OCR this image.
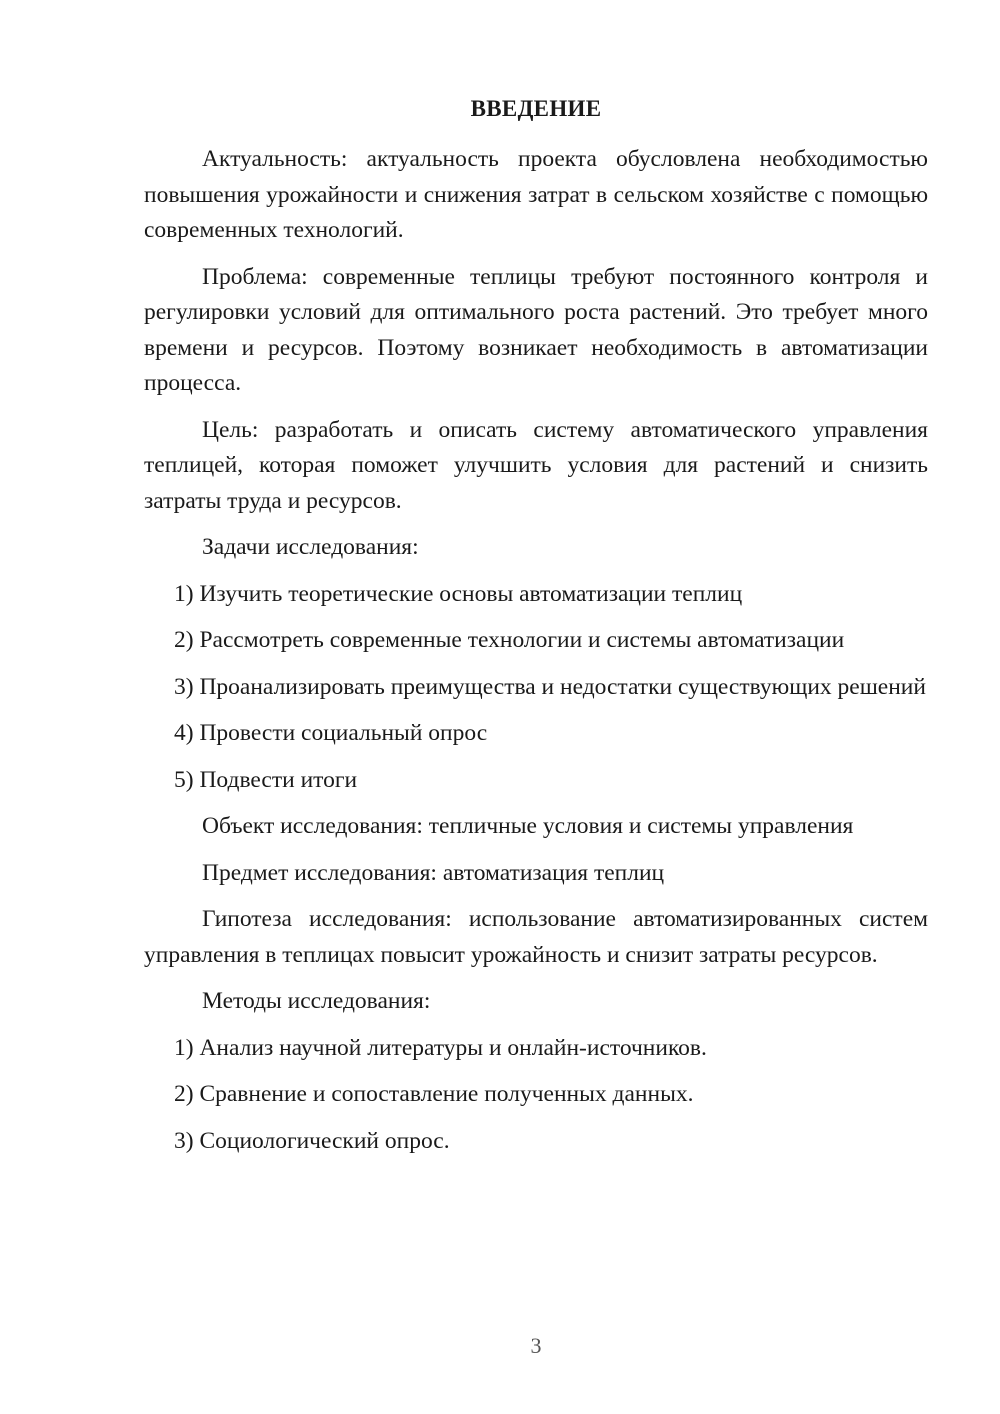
ВВЕДЕНИЕ

Актуальность: актуальность проекта обусловлена необходимостью повышения урожайности и снижения затрат в сельском хозяйстве с помощью современных технологий.

Проблема: современные теплицы требуют постоянного контроля и регулировки условий для оптимального роста растений. Это требует много времени и ресурсов. Поэтому возникает необходимость в автоматизации процесса.

Цель: разработать и описать систему автоматического управления теплицей, которая поможет улучшить условия для растений и снизить затраты труда и ресурсов.

Задачи исследования:

1) Изучить теоретические основы автоматизации теплиц

2) Рассмотреть современные технологии и системы автоматизации

3) Проанализировать преимущества и недостатки существующих решений

4) Провести социальный опрос

5) Подвести итоги

Объект исследования: тепличные условия и системы управления

Предмет исследования: автоматизация теплиц

Гипотеза исследования: использование автоматизированных систем управления в теплицах повысит урожайность и снизит затраты ресурсов.

Методы исследования:

1) Анализ научной литературы и онлайн-источников.

2) Сравнение и сопоставление полученных данных.

3) Социологический опрос.

3
